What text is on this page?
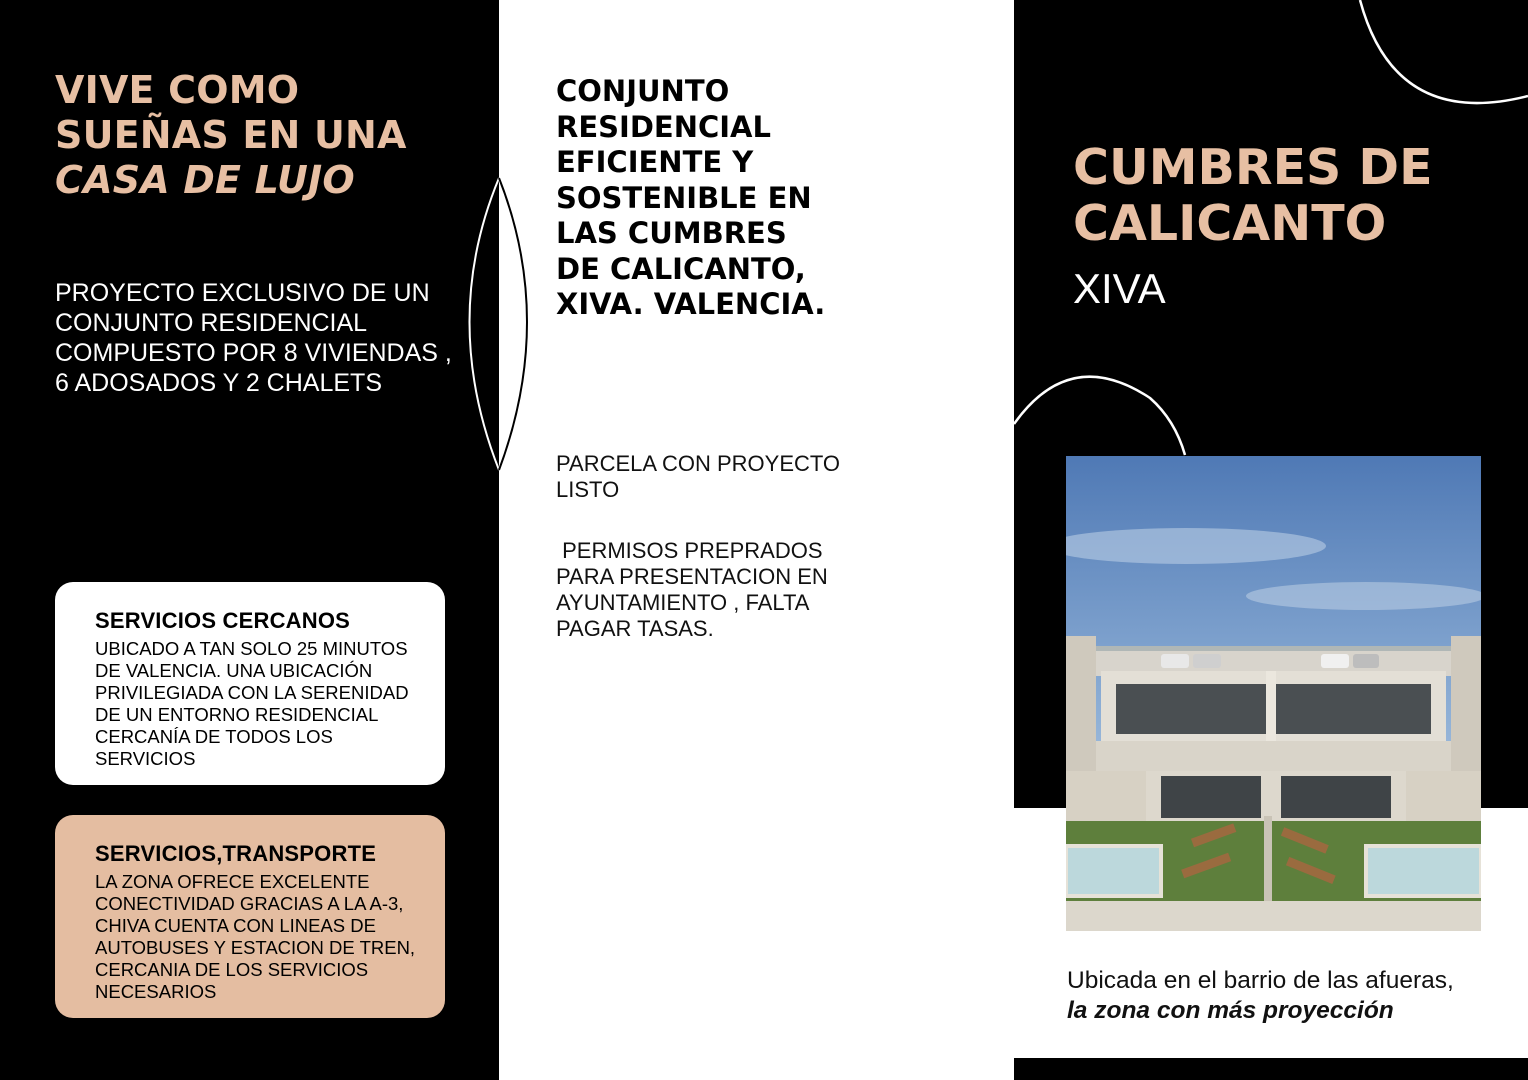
VIVE COMO
SUEÑAS EN UNA
CASA DE LUJO

PROYECTO EXCLUSIVO DE UN CONJUNTO RESIDENCIAL COMPUESTO POR 8 VIVIENDAS , 6 ADOSADOS Y 2 CHALETS

SERVICIOS CERCANOS

UBICADO A TAN SOLO 25 MINUTOS DE VALENCIA. UNA UBICACIÓN PRIVILEGIADA CON LA SERENIDAD DE UN ENTORNO RESIDENCIAL CERCANÍA DE TODOS LOS SERVICIOS

SERVICIOS,TRANSPORTE

LA ZONA OFRECE EXCELENTE CONECTIVIDAD GRACIAS A LA A-3, CHIVA CUENTA CON LINEAS DE AUTOBUSES Y ESTACION DE TREN, CERCANIA DE LOS SERVICIOS NECESARIOS

CONJUNTO
RESIDENCIAL
EFICIENTE Y
SOSTENIBLE EN
LAS CUMBRES
DE CALICANTO,
XIVA. VALENCIA.

PARCELA CON PROYECTO LISTO

PERMISOS PREPRADOS PARA PRESENTACION EN AYUNTAMIENTO , FALTA PAGAR TASAS.

CUMBRES DE
CALICANTO

XIVA

Ubicada en el barrio de las afueras,
la zona con más proyección
